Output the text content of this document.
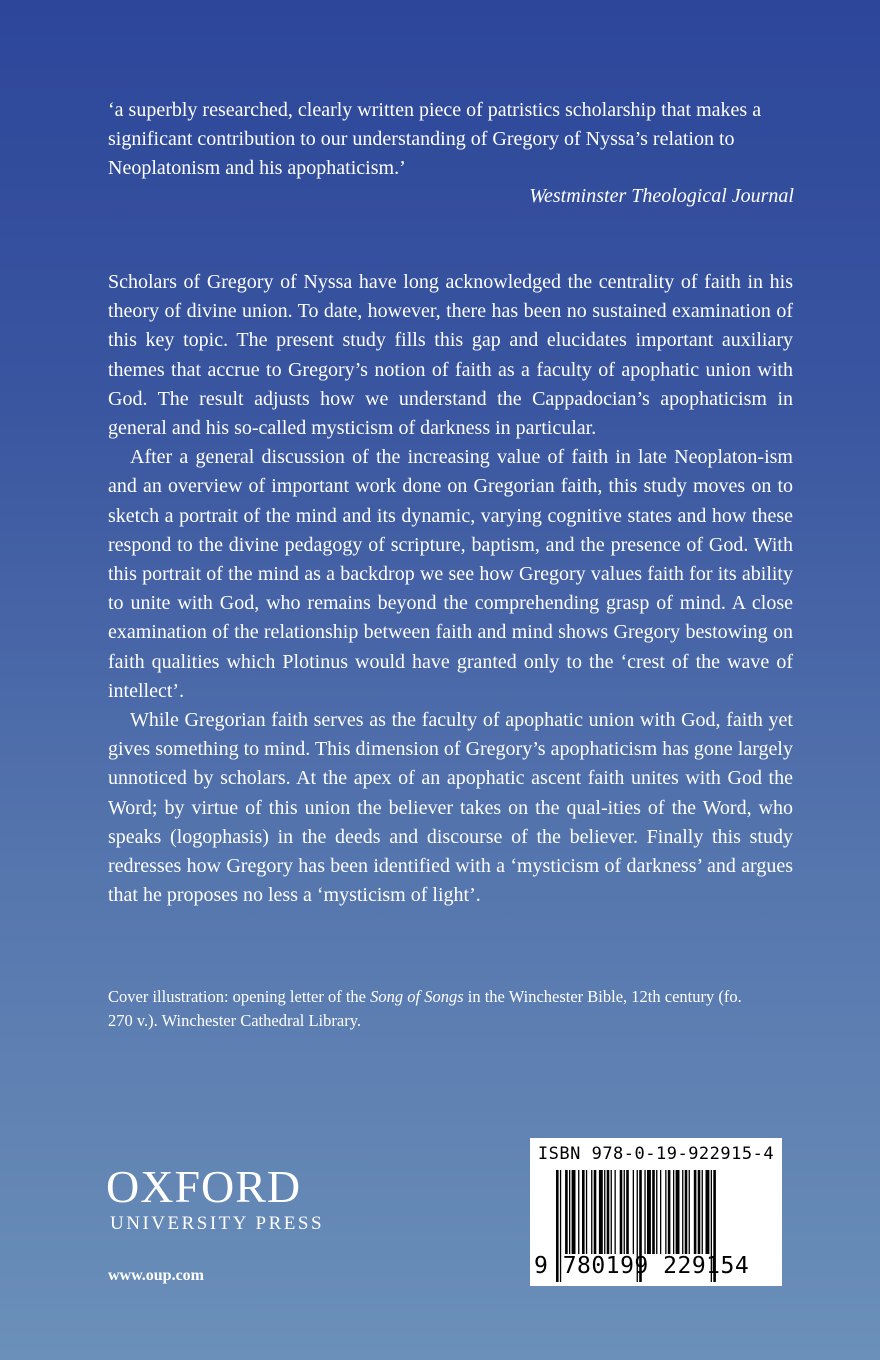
‘a superbly researched, clearly written piece of patristics scholarship that makes a significant contribution to our understanding of Gregory of Nyssa’s relation to Neoplatonism and his apophaticism.’
Westminster Theological Journal

Scholars of Gregory of Nyssa have long acknowledged the centrality of faith in his theory of divine union. To date, however, there has been no sustained examination of this key topic. The present study fills this gap and elucidates important auxiliary themes that accrue to Gregory’s notion of faith as a faculty of apophatic union with God. The result adjusts how we understand the Cappadocian’s apophaticism in general and his so-called mysticism of darkness in particular.

After a general discussion of the increasing value of faith in late Neoplaton-ism and an overview of important work done on Gregorian faith, this study moves on to sketch a portrait of the mind and its dynamic, varying cognitive states and how these respond to the divine pedagogy of scripture, baptism, and the presence of God. With this portrait of the mind as a backdrop we see how Gregory values faith for its ability to unite with God, who remains beyond the comprehending grasp of mind. A close examination of the relationship between faith and mind shows Gregory bestowing on faith qualities which Plotinus would have granted only to the ‘crest of the wave of intellect’.

While Gregorian faith serves as the faculty of apophatic union with God, faith yet gives something to mind. This dimension of Gregory’s apophaticism has gone largely unnoticed by scholars. At the apex of an apophatic ascent faith unites with God the Word; by virtue of this union the believer takes on the qual-ities of the Word, who speaks (logophasis) in the deeds and discourse of the believer. Finally this study redresses how Gregory has been identified with a ‘mysticism of darkness’ and argues that he proposes no less a ‘mysticism of light’.

Cover illustration: opening letter of the Song of Songs in the Winchester Bible, 12th century (fo. 270 v.). Winchester Cathedral Library.
OXFORD
UNIVERSITY PRESS
www.oup.com
ISBN 978-0-19-922915-4
9 780199 229154
